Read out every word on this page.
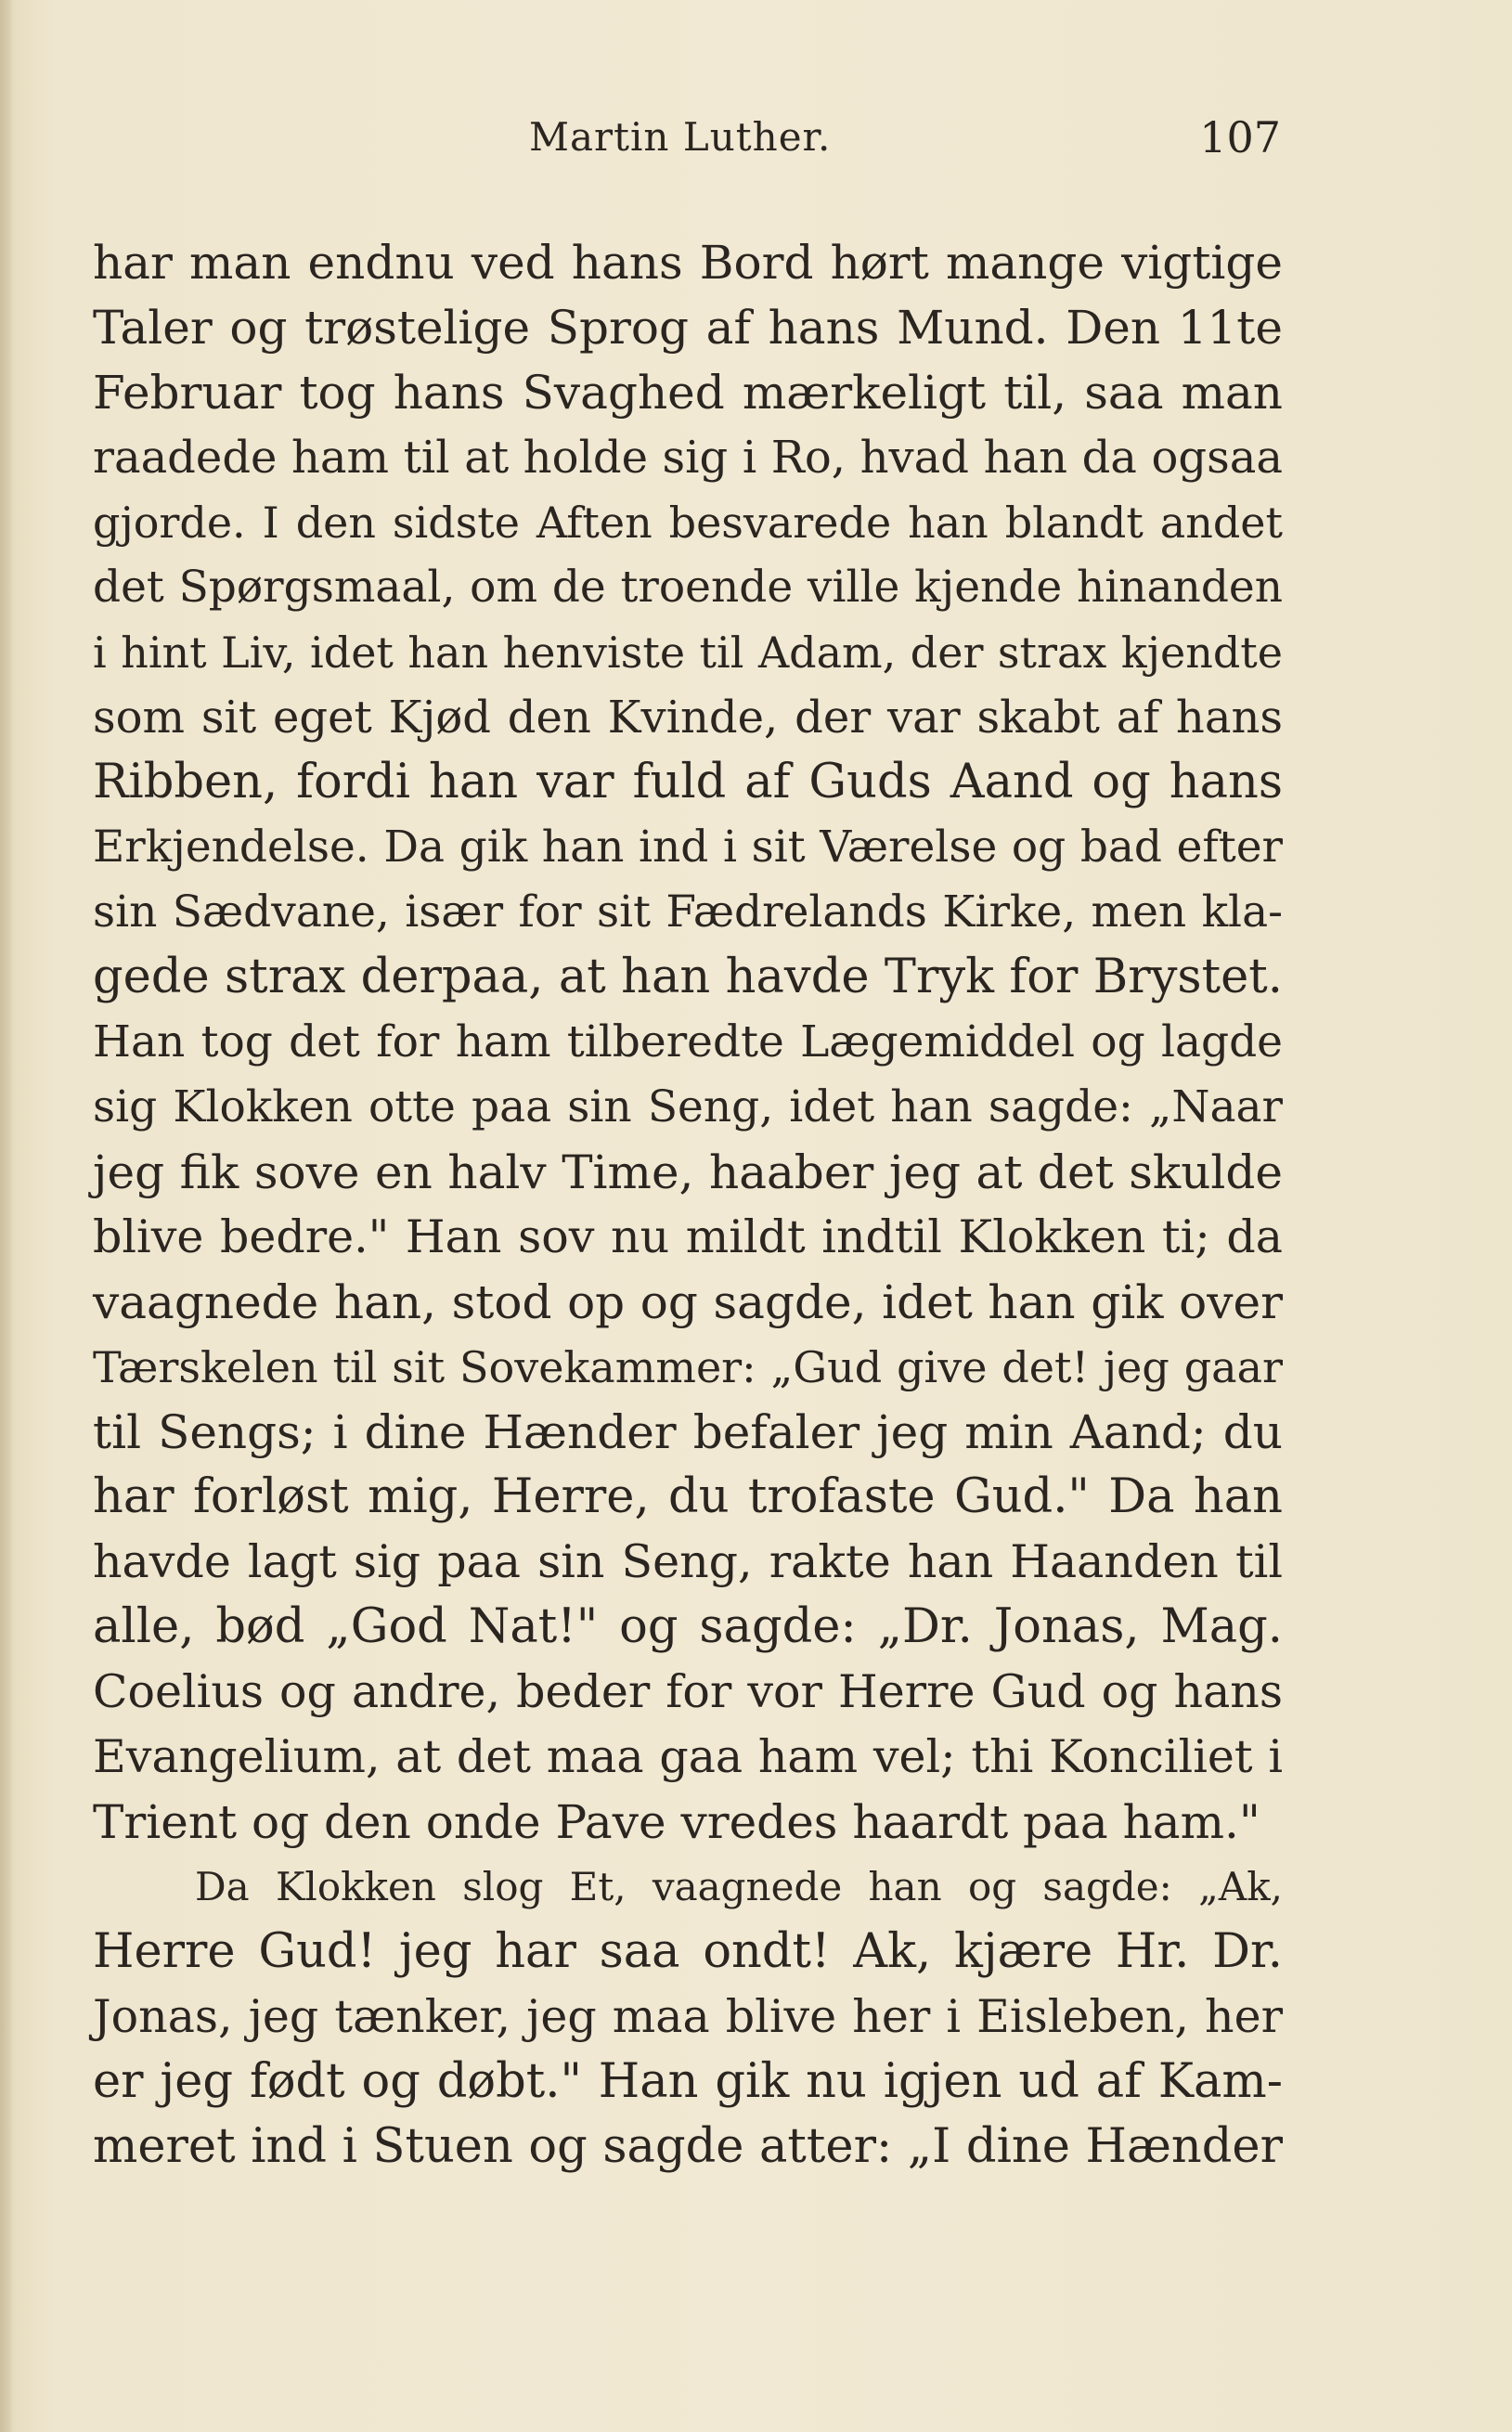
Martin Luther.	107
har man endnu ved hans Bord hørt mange vigtige
Taler og trøstelige Sprog af hans Mund. Den 11te
Februar tog hans Svaghed mærkeligt til, saa man
raadede ham til at holde sig i Ro, hvad han da ogsaa
gjorde. I den sidste Aften besvarede han blandt andet
det Spørgsmaal, om de troende ville kjende hinanden
i hint Liv, idet han henviste til Adam, der strax kjendte
som sit eget Kjød den Kvinde, der var skabt af hans
Ribben, fordi han var fuld af Guds Aand og hans
Erkjendelse. Da gik han ind i sit Værelse og bad efter
sin Sædvane, især for sit Fædrelands Kirke, men kla-
gede strax derpaa, at han havde Tryk for Brystet.
Han tog det for ham tilberedte Lægemiddel og lagde
sig Klokken otte paa sin Seng, idet han sagde: „Naar
jeg fik sove en halv Time, haaber jeg at det skulde
blive bedre." Han sov nu mildt indtil Klokken ti; da
vaagnede han, stod op og sagde, idet han gik over
Tærskelen til sit Sovekammer: „Gud give det! jeg gaar
til Sengs; i dine Hænder befaler jeg min Aand; du
har forløst mig, Herre, du trofaste Gud." Da han
havde lagt sig paa sin Seng, rakte han Haanden til
alle, bød „God Nat!" og sagde: „Dr. Jonas, Mag.
Coelius og andre, beder for vor Herre Gud og hans
Evangelium, at det maa gaa ham vel; thi Konciliet i
Trient og den onde Pave vredes haardt paa ham."
Da Klokken slog Et, vaagnede han og sagde: „Ak,
Herre Gud! jeg har saa ondt! Ak, kjære Hr. Dr.
Jonas, jeg tænker, jeg maa blive her i Eisleben, her
er jeg født og døbt." Han gik nu igjen ud af Kam-
meret ind i Stuen og sagde atter: „I dine Hænder
